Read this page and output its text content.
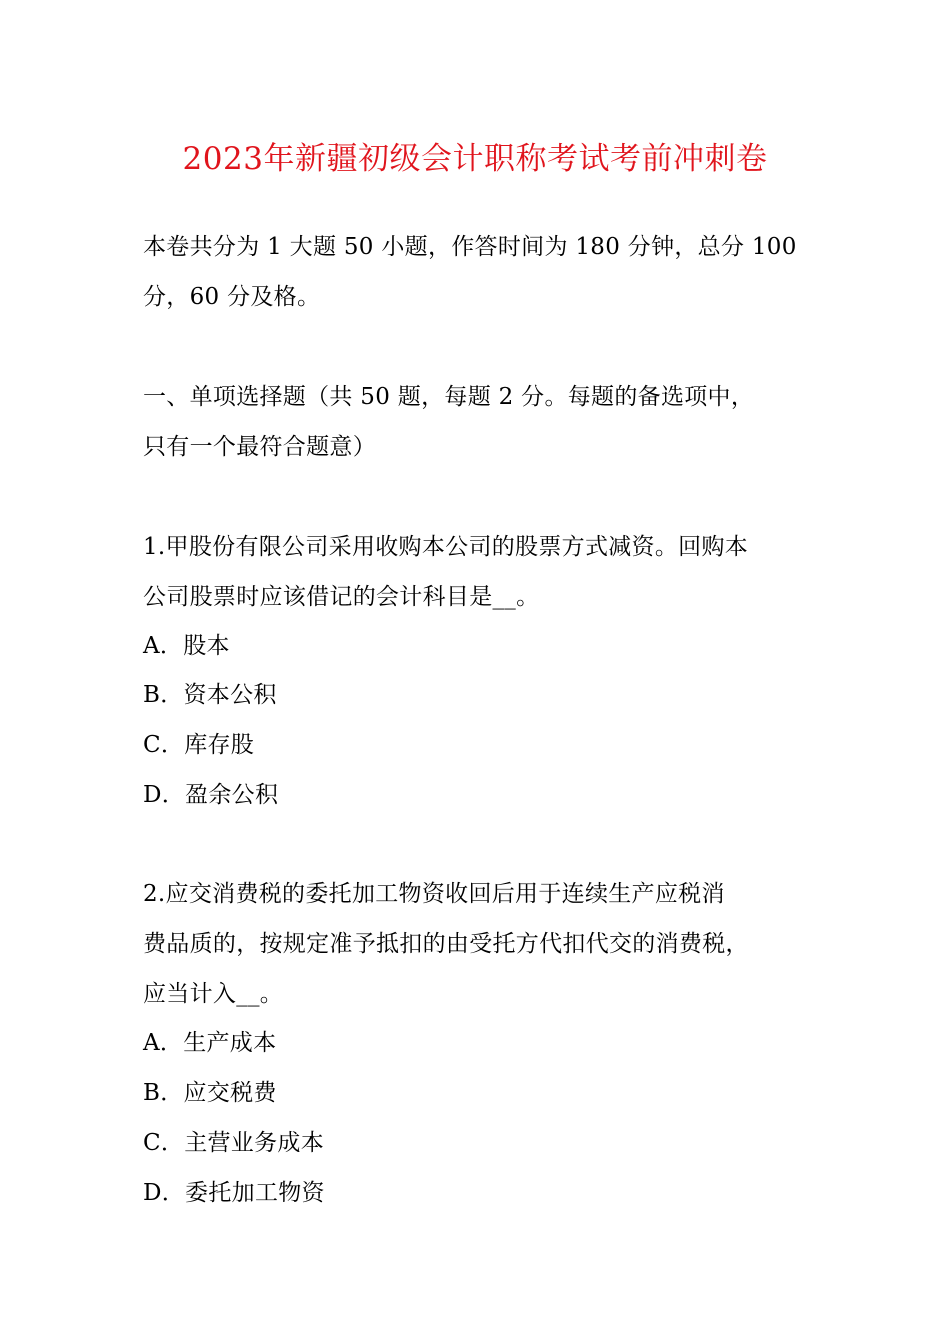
2023年新疆初级会计职称考试考前冲刺卷
本卷共分为 1 大题 50 小题，作答时间为 180 分钟，总分 100
分，60 分及格。
一、单项选择题（共 50 题，每题 2 分。每题的备选项中，
只有一个最符合题意）
1.甲股份有限公司采用收购本公司的股票方式减资。回购本
公司股票时应该借记的会计科目是__。
A．股本
B．资本公积
C．库存股
D．盈余公积
2.应交消费税的委托加工物资收回后用于连续生产应税消
费品质的，按规定准予抵扣的由受托方代扣代交的消费税，
应当计入__。
A．生产成本
B．应交税费
C．主营业务成本
D．委托加工物资
